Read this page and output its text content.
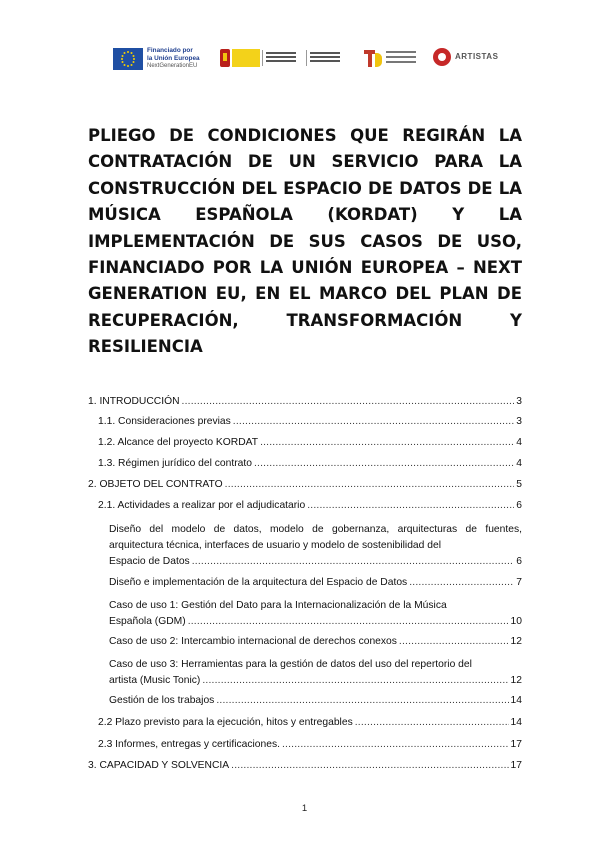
Financiado por
la Unión Europea
NextGenerationEU
ARTISTAS
PLIEGO DE CONDICIONES QUE REGIRÁN LA CONTRATACIÓN DE UN SERVICIO PARA LA CONSTRUCCIÓN DEL ESPACIO DE DATOS DE LA MÚSICA ESPAÑOLA (KORDAT) Y LA IMPLEMENTACIÓN DE SUS CASOS DE USO, FINANCIADO POR LA UNIÓN EUROPEA – NEXT GENERATION EU, EN EL MARCO DEL PLAN DE RECUPERACIÓN, TRANSFORMACIÓN Y RESILIENCIA
1. INTRODUCCIÓN .....	3
1.1. Consideraciones previas .....	3
1.2. Alcance del proyecto KORDAT .....	4
1.3. Régimen jurídico del contrato .....	4
2. OBJETO DEL CONTRATO .....	5
2.1. Actividades a realizar por el adjudicatario .....	6
Diseño del modelo de datos, modelo de gobernanza, arquitecturas de fuentes, arquitectura técnica, interfaces de usuario y modelo de sostenibilidad del
Espacio de Datos .....	6
Diseño e implementación de la arquitectura del Espacio de Datos .....	7
Caso de uso 1: Gestión del Dato para la Internacionalización de la Música
Española (GDM) .....	10
Caso de uso 2: Intercambio internacional de derechos conexos .....	12
Caso de uso 3: Herramientas para la gestión de datos del uso del repertorio del
artista (Music Tonic) .....	12
Gestión de los trabajos .....	14
2.2 Plazo previsto para la ejecución, hitos y entregables .....	14
2.3 Informes, entregas y certificaciones. .....	17
3. CAPACIDAD Y SOLVENCIA .....	17
1
